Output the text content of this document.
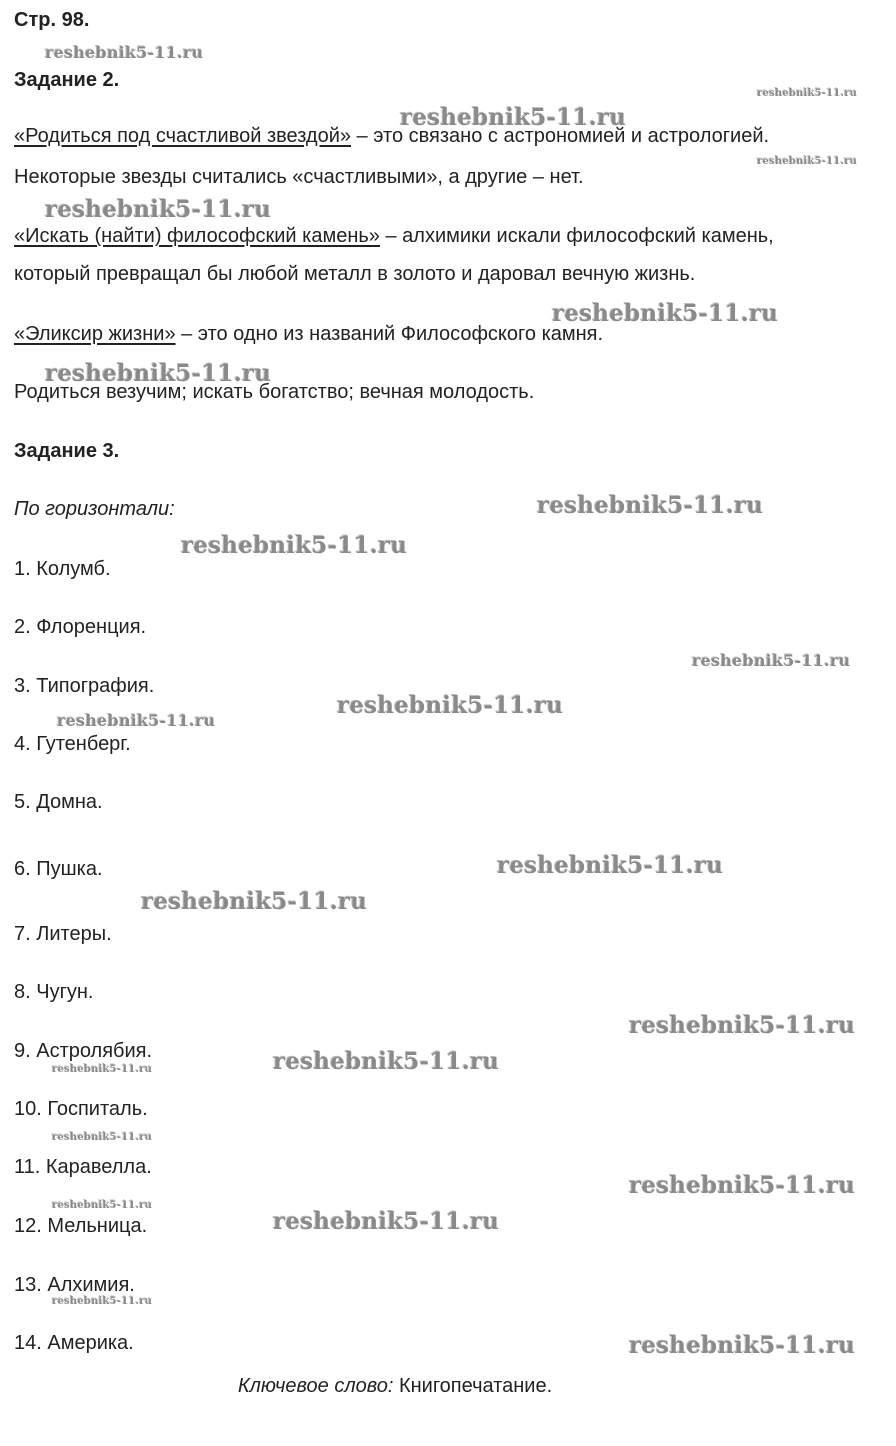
Стр. 98.
Задание 2.
«Родиться под счастливой звездой» – это связано с астрономией и астрологией.
Некоторые звезды считались «счастливыми», а другие – нет.
«Искать (найти) философский камень» – алхимики искали философский камень,
который превращал бы любой металл в золото и даровал вечную жизнь.
«Эликсир жизни» – это одно из названий Философского камня.
Родиться везучим; искать богатство; вечная молодость.
Задание 3.
По горизонтали:
1. Колумб.
2. Флоренция.
3. Типография.
4. Гутенберг.
5. Домна.
6. Пушка.
7. Литеры.
8. Чугун.
9. Астролябия.
10. Госпиталь.
11. Каравелла.
12. Мельница.
13. Алхимия.
14. Америка.
Ключевое слово: Книгопечатание.
reshebnik5-11.ru
reshebnik5-11.ru
reshebnik5-11.ru
reshebnik5-11.ru
reshebnik5-11.ru
reshebnik5-11.ru
reshebnik5-11.ru
reshebnik5-11.ru
reshebnik5-11.ru
reshebnik5-11.ru
reshebnik5-11.ru
reshebnik5-11.ru
reshebnik5-11.ru
reshebnik5-11.ru
reshebnik5-11.ru
reshebnik5-11.ru
reshebnik5-11.ru
reshebnik5-11.ru
reshebnik5-11.ru
reshebnik5-11.ru
reshebnik5-11.ru
reshebnik5-11.ru
reshebnik5-11.ru
